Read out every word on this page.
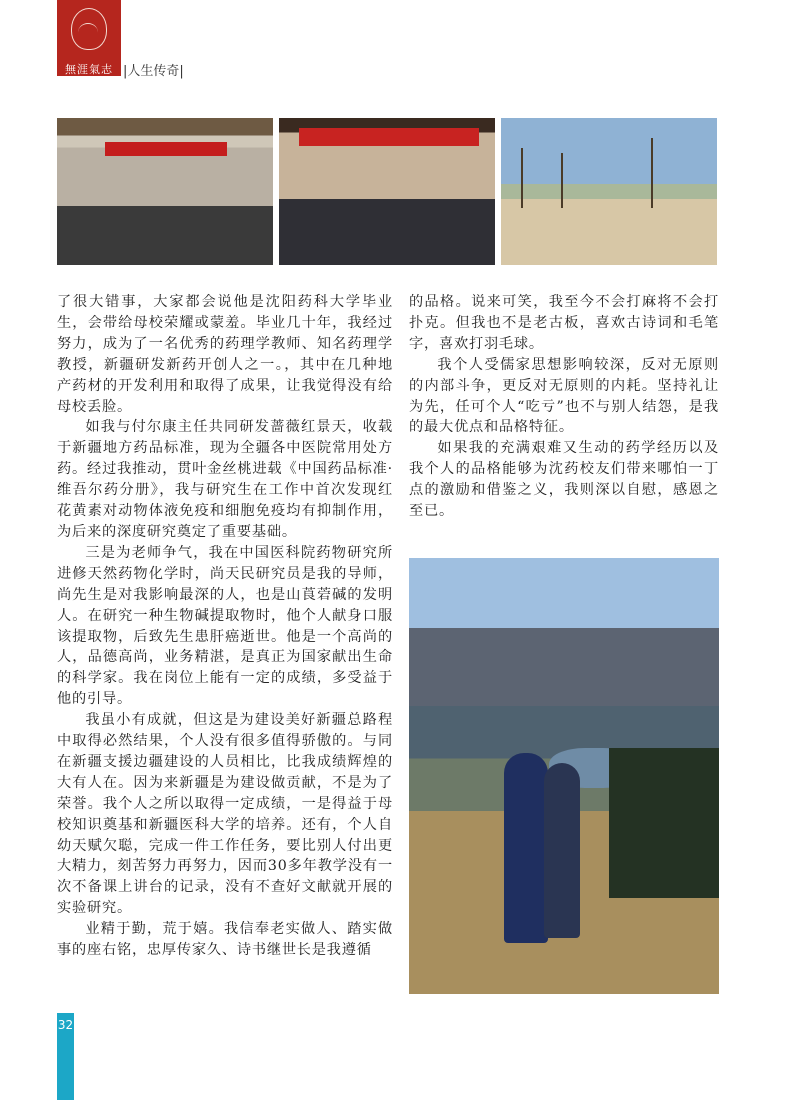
無涯氣志 |人生传奇|

了很大错事，大家都会说他是沈阳药科大学毕业生，会带给母校荣耀或蒙羞。毕业几十年，我经过努力，成为了一名优秀的药理学教师、知名药理学教授，新疆研发新药开创人之一。，其中在几种地产药材的开发利用和取得了成果，让我觉得没有给母校丢脸。

如我与付尔康主任共同研发蔷薇红景天，收载于新疆地方药品标准，现为全疆各中医院常用处方药。经过我推动，贯叶金丝桃进载《中国药品标准·维吾尔药分册》，我与研究生在工作中首次发现红花黄素对动物体液免疫和细胞免疫均有抑制作用，为后来的深度研究奠定了重要基础。

三是为老师争气，我在中国医科院药物研究所进修天然药物化学时，尚天民研究员是我的导师，尚先生是对我影响最深的人，也是山莨菪碱的发明人。在研究一种生物碱提取物时，他个人献身口服该提取物，后致先生患肝癌逝世。他是一个高尚的人，品德高尚，业务精湛，是真正为国家献出生命的科学家。我在岗位上能有一定的成绩，多受益于他的引导。

我虽小有成就，但这是为建设美好新疆总路程中取得必然结果，个人没有很多值得骄傲的。与同在新疆支援边疆建设的人员相比，比我成绩辉煌的大有人在。因为来新疆是为建设做贡献，不是为了荣誉。我个人之所以取得一定成绩，一是得益于母校知识奠基和新疆医科大学的培养。还有，个人自幼天赋欠聪，完成一件工作任务，要比别人付出更大精力，刻苦努力再努力，因而30多年教学没有一次不备课上讲台的记录，没有不查好文献就开展的实验研究。

业精于勤，荒于嬉。我信奉老实做人、踏实做事的座右铭，忠厚传家久、诗书继世长是我遵循

的品格。说来可笑，我至今不会打麻将不会打扑克。但我也不是老古板，喜欢古诗词和毛笔字，喜欢打羽毛球。

我个人受儒家思想影响较深，反对无原则的内部斗争，更反对无原则的内耗。坚持礼让为先，任可个人“吃亏”也不与别人结怨，是我的最大优点和品格特征。

如果我的充满艰难又生动的药学经历以及我个人的品格能够为沈药校友们带来哪怕一丁点的激励和借鉴之义，我则深以自慰，感恩之至已。

32
